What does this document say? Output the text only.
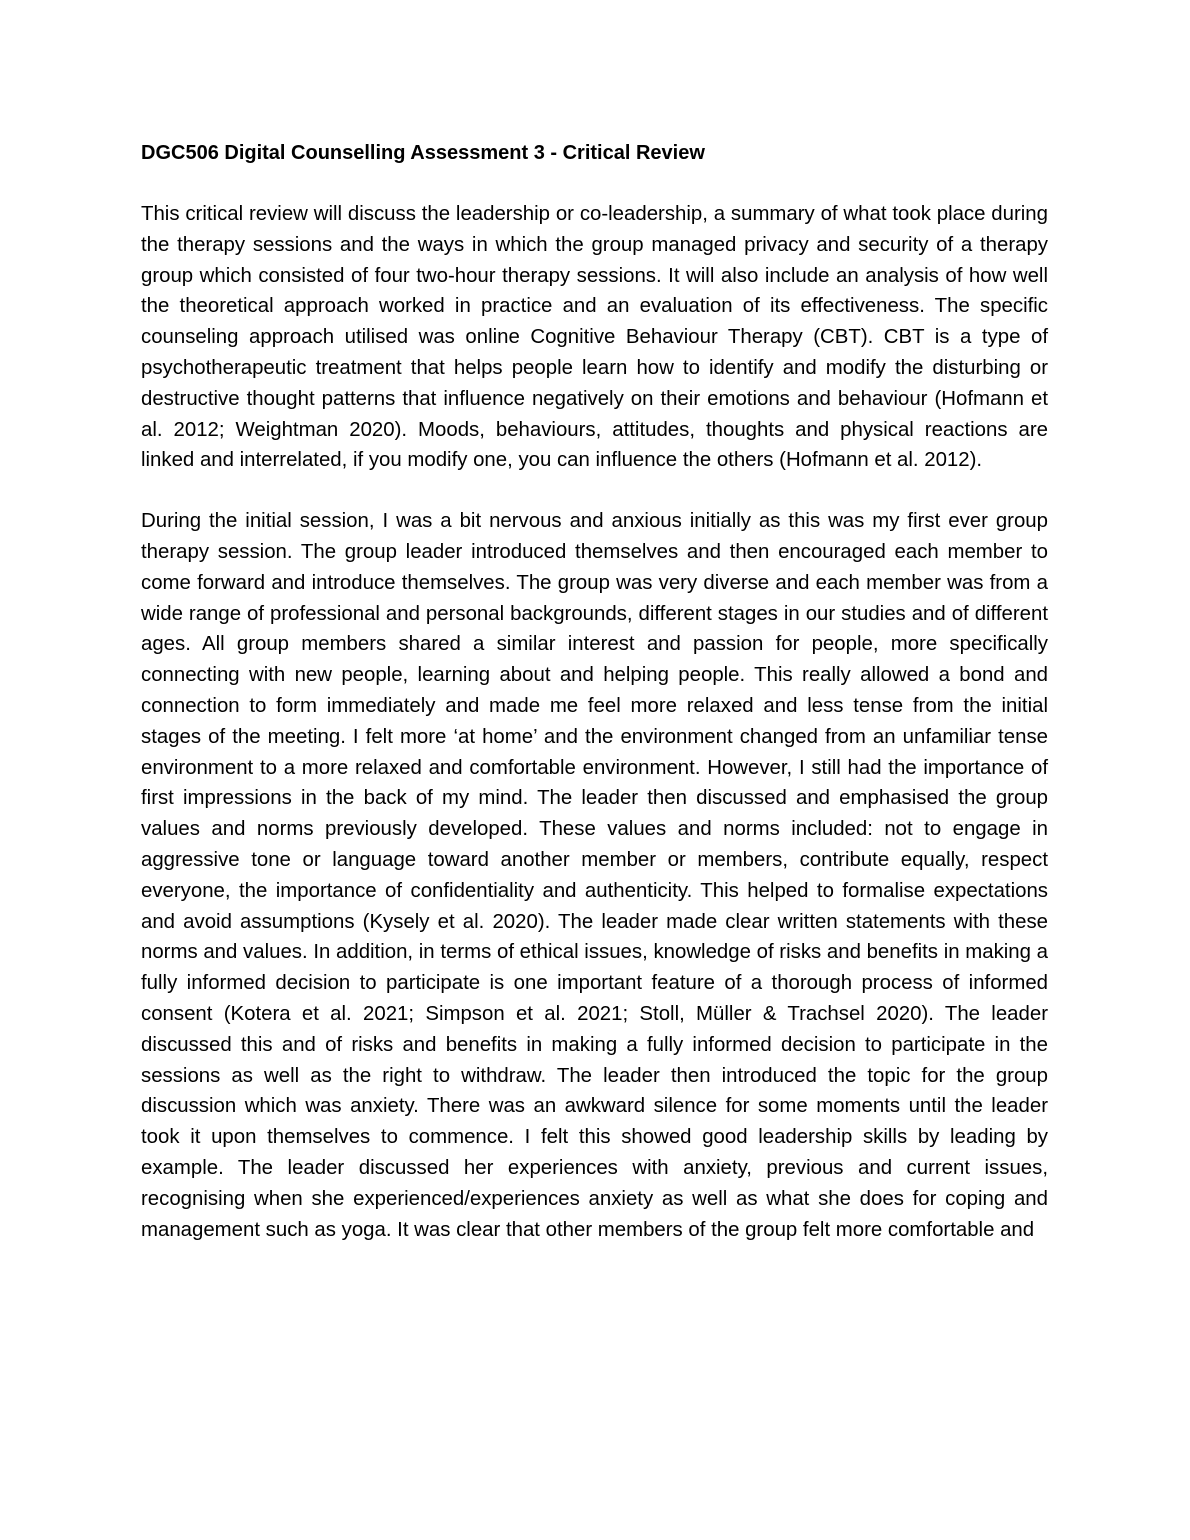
DGC506 Digital Counselling Assessment 3 - Critical Review

This critical review will discuss the leadership or co-leadership, a summary of what took place during the therapy sessions and the ways in which the group managed privacy and security of a therapy group which consisted of four two-hour therapy sessions. It will also include an analysis of how well the theoretical approach worked in practice and an evaluation of its effectiveness. The specific counseling approach utilised was online Cognitive Behaviour Therapy (CBT). CBT is a type of psychotherapeutic treatment that helps people learn how to identify and modify the disturbing or destructive thought patterns that influence negatively on their emotions and behaviour (Hofmann et al. 2012; Weightman 2020). Moods, behaviours, attitudes, thoughts and physical reactions are linked and interrelated, if you modify one, you can influence the others (Hofmann et al. 2012).

During the initial session, I was a bit nervous and anxious initially as this was my first ever group therapy session. The group leader introduced themselves and then encouraged each member to come forward and introduce themselves. The group was very diverse and each member was from a wide range of professional and personal backgrounds, different stages in our studies and of different ages. All group members shared a similar interest and passion for people, more specifically connecting with new people, learning about and helping people. This really allowed a bond and connection to form immediately and made me feel more relaxed and less tense from the initial stages of the meeting. I felt more ‘at home’ and the environment changed from an unfamiliar tense environment to a more relaxed and comfortable environment. However, I still had the importance of first impressions in the back of my mind. The leader then discussed and emphasised the group values and norms previously developed. These values and norms included: not to engage in aggressive tone or language toward another member or members, contribute equally, respect everyone, the importance of confidentiality and authenticity. This helped to formalise expectations and avoid assumptions (Kysely et al. 2020). The leader made clear written statements with these norms and values. In addition, in terms of ethical issues, knowledge of risks and benefits in making a fully informed decision to participate is one important feature of a thorough process of informed consent (Kotera et al. 2021; Simpson et al. 2021; Stoll, Müller & Trachsel 2020). The leader discussed this and of risks and benefits in making a fully informed decision to participate in the sessions as well as the right to withdraw. The leader then introduced the topic for the group discussion which was anxiety. There was an awkward silence for some moments until the leader took it upon themselves to commence. I felt this showed good leadership skills by leading by example. The leader discussed her experiences with anxiety, previous and current issues, recognising when she experienced/experiences anxiety as well as what she does for coping and management such as yoga. It was clear that other members of the group felt more comfortable and
